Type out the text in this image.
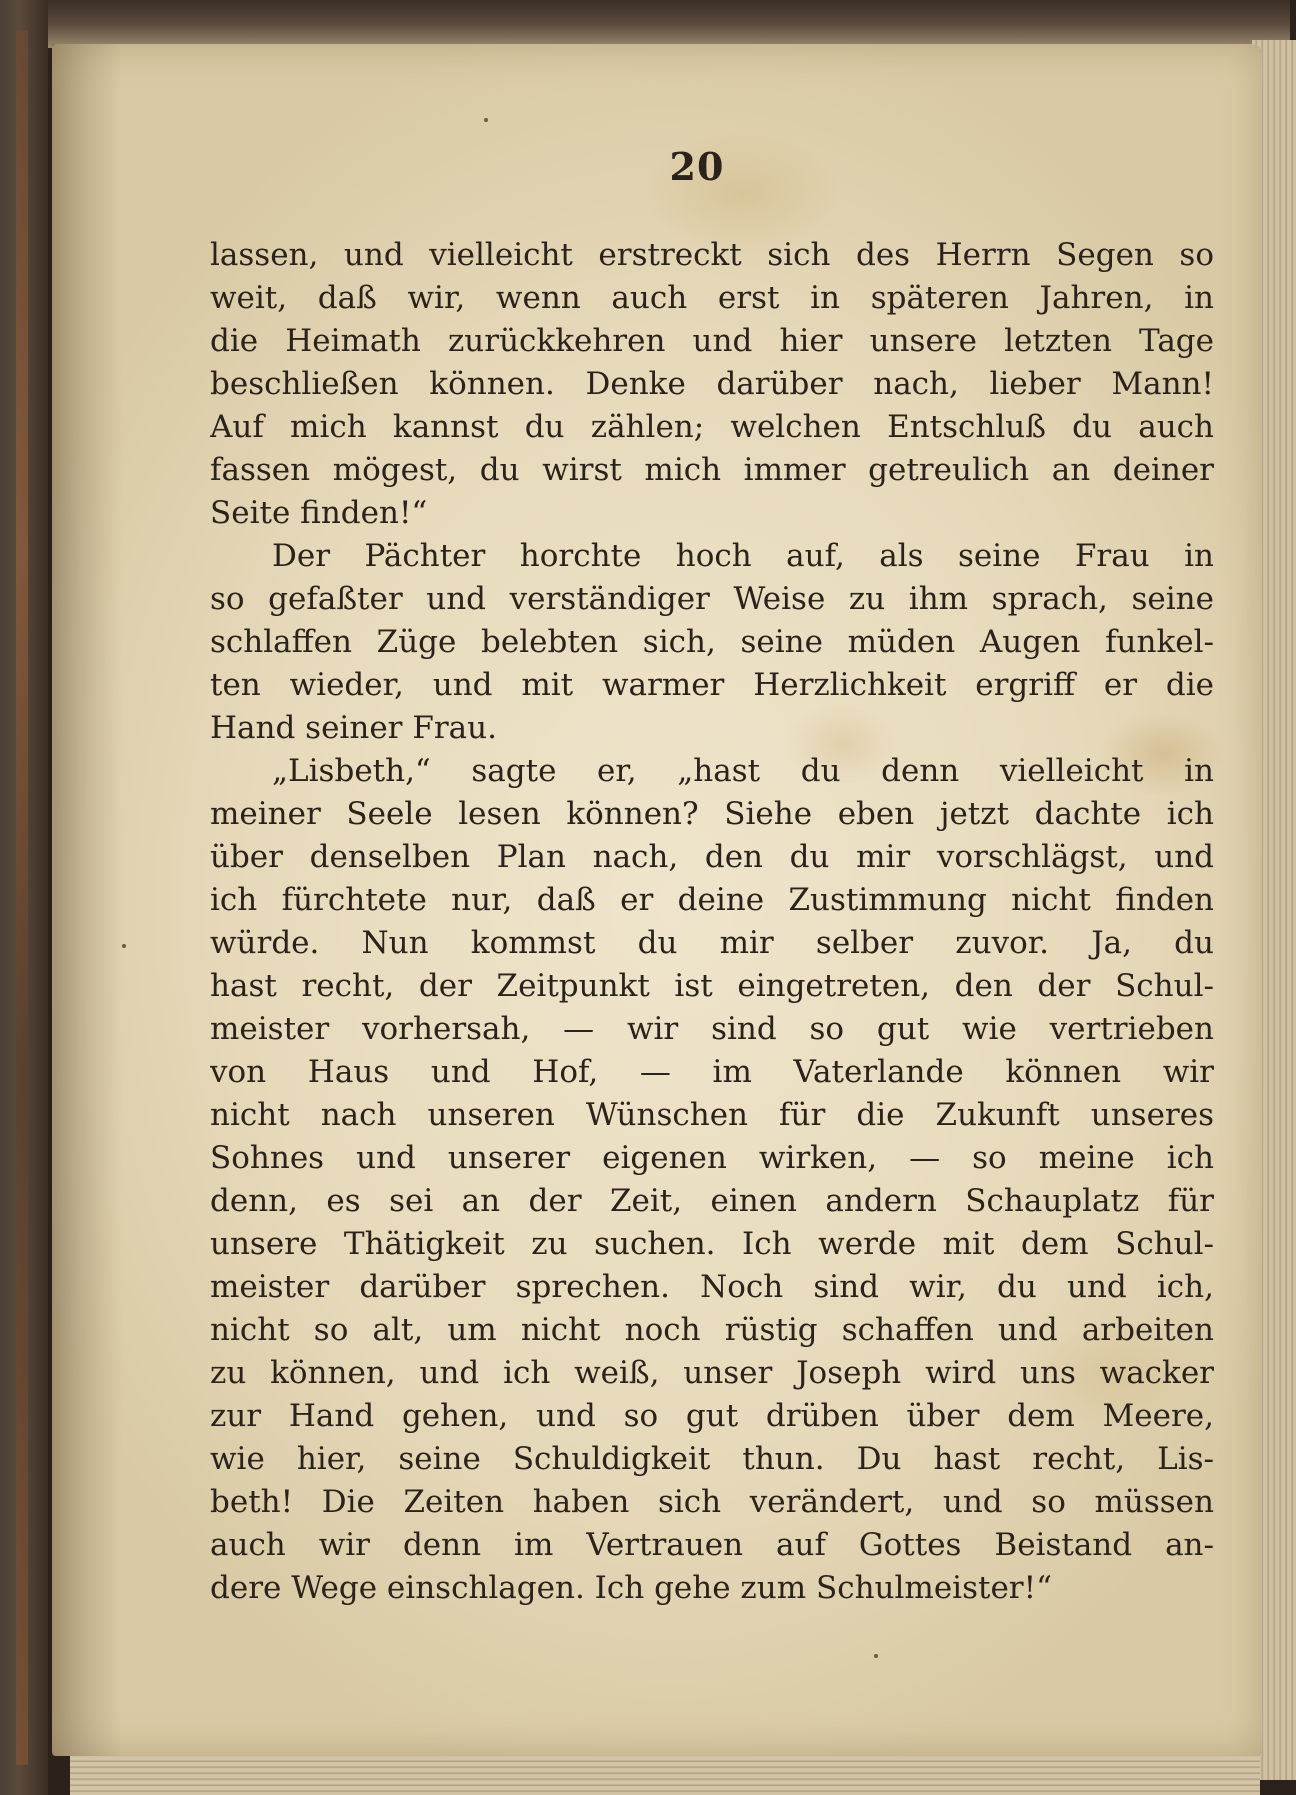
20
lassen, und vielleicht erstreckt sich des Herrn Segen so
weit, daß wir, wenn auch erst in späteren Jahren, in
die Heimath zurückkehren und hier unsere letzten Tage
beschließen können. Denke darüber nach, lieber Mann!
Auf mich kannst du zählen; welchen Entschluß du auch
fassen mögest, du wirst mich immer getreulich an deiner
Seite finden!“
Der Pächter horchte hoch auf, als seine Frau in
so gefaßter und verständiger Weise zu ihm sprach, seine
schlaffen Züge belebten sich, seine müden Augen funkel-
ten wieder, und mit warmer Herzlichkeit ergriff er die
Hand seiner Frau.
„Lisbeth,“ sagte er, „hast du denn vielleicht in
meiner Seele lesen können? Siehe eben jetzt dachte ich
über denselben Plan nach, den du mir vorschlägst, und
ich fürchtete nur, daß er deine Zustimmung nicht finden
würde. Nun kommst du mir selber zuvor. Ja, du
hast recht, der Zeitpunkt ist eingetreten, den der Schul-
meister vorhersah, — wir sind so gut wie vertrieben
von Haus und Hof, — im Vaterlande können wir
nicht nach unseren Wünschen für die Zukunft unseres
Sohnes und unserer eigenen wirken, — so meine ich
denn, es sei an der Zeit, einen andern Schauplatz für
unsere Thätigkeit zu suchen. Ich werde mit dem Schul-
meister darüber sprechen. Noch sind wir, du und ich,
nicht so alt, um nicht noch rüstig schaffen und arbeiten
zu können, und ich weiß, unser Joseph wird uns wacker
zur Hand gehen, und so gut drüben über dem Meere,
wie hier, seine Schuldigkeit thun. Du hast recht, Lis-
beth! Die Zeiten haben sich verändert, und so müssen
auch wir denn im Vertrauen auf Gottes Beistand an-
dere Wege einschlagen. Ich gehe zum Schulmeister!“
